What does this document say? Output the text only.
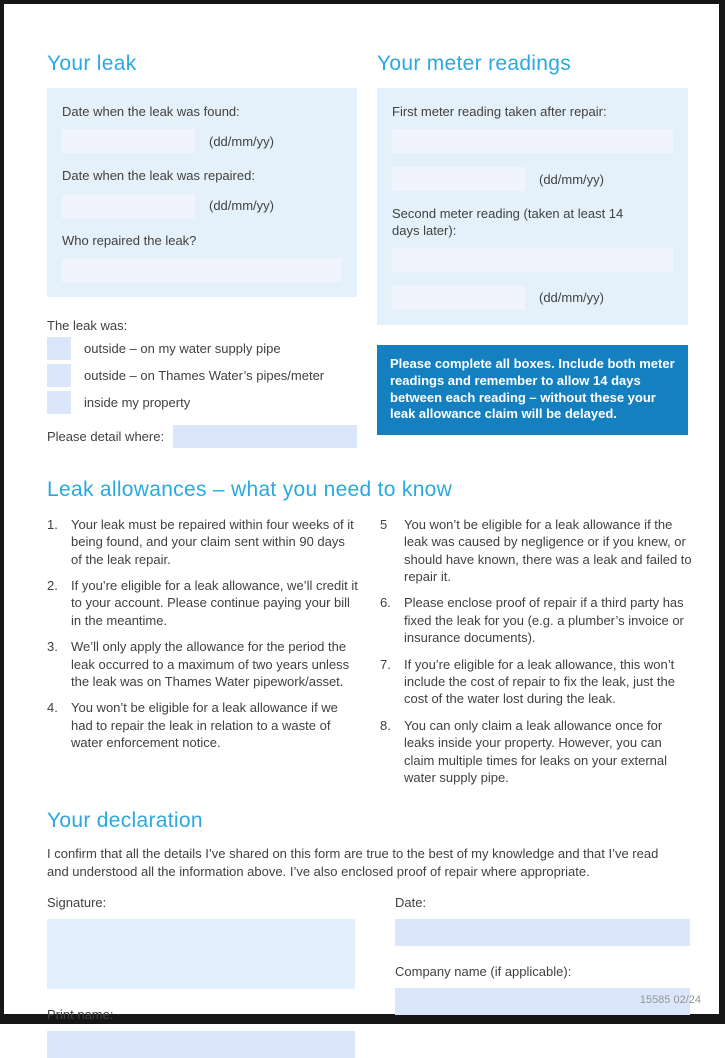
Your leak
Date when the leak was found:
(dd/mm/yy)
Date when the leak was repaired:
(dd/mm/yy)
Who repaired the leak?
The leak was:
outside – on my water supply pipe
outside – on Thames Water’s pipes/meter
inside my property
Please detail where:
Your meter readings
First meter reading taken after repair:
(dd/mm/yy)
Second meter reading (taken at least 14 days later):
(dd/mm/yy)
Please complete all boxes. Include both meter readings and remember to allow 14 days between each reading – without these your leak allowance claim will be delayed.
Leak allowances – what you need to know
1.	Your leak must be repaired within four weeks of it being found, and your claim sent within 90 days of the leak repair.
2.	If you’re eligible for a leak allowance, we’ll credit it to your account. Please continue paying your bill in the meantime.
3.	We’ll only apply the allowance for the period the leak occurred to a maximum of two years unless the leak was on Thames Water pipework/asset.
4.	You won’t be eligible for a leak allowance if we had to repair the leak in relation to a waste of water enforcement notice.
5	You won’t be eligible for a leak allowance if the leak was caused by negligence or if you knew, or should have known, there was a leak and failed to repair it.
6.	Please enclose proof of repair if a third party has fixed the leak for you (e.g. a plumber’s invoice or insurance documents).
7.	If you’re eligible for a leak allowance, this won’t include the cost of repair to fix the leak, just the cost of the water lost during the leak.
8.	You can only claim a leak allowance once for leaks inside your property. However, you can claim multiple times for leaks on your external water supply pipe.
Your declaration

I confirm that all the details I’ve shared on this form are true to the best of my knowledge and that I’ve read and understood all the information above. I’ve also enclosed proof of repair where appropriate.

Signature:
Print name:
Date:
Company name (if applicable):
15585 02/24
